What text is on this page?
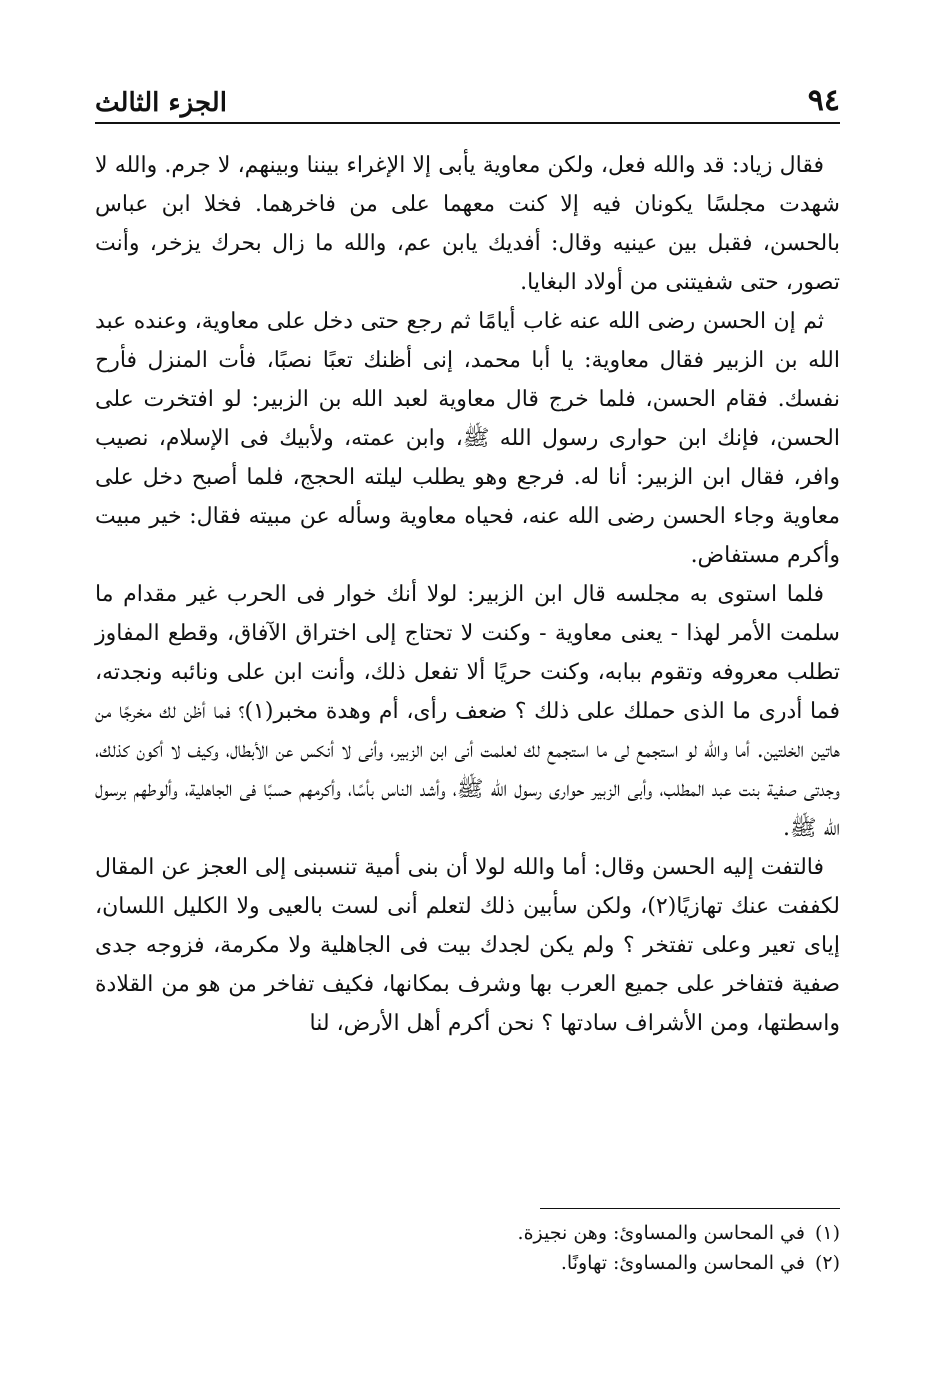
٩٤
الجزء الثالث

فقال زياد: قد والله فعل، ولكن معاوية يأبى إلا الإغراء بيننا وبينهم، لا جرم. والله لا شهدت مجلسًا يكونان فيه إلا كنت معهما على من فاخرهما. فخلا ابن عباس بالحسن، فقبل بين عينيه وقال: أفديك يابن عم، والله ما زال بحرك يزخر، وأنت تصور، حتى شفيتنى من أولاد البغايا.

ثم إن الحسن رضى الله عنه غاب أيامًا ثم رجع حتى دخل على معاوية، وعنده عبد الله بن الزبير فقال معاوية: يا أبا محمد، إنى أظنك تعبًا نصبًا، فأت المنزل فأرح نفسك. فقام الحسن، فلما خرج قال معاوية لعبد الله بن الزبير: لو افتخرت على الحسن، فإنك ابن حوارى رسول الله ﷺ، وابن عمته، ولأبيك فى الإسلام، نصيب وافر، فقال ابن الزبير: أنا له. فرجع وهو يطلب ليلته الحجج، فلما أصبح دخل على معاوية وجاء الحسن رضى الله عنه، فحياه معاوية وسأله عن مبيته فقال: خير مبيت وأكرم مستفاض.

فلما استوى به مجلسه قال ابن الزبير: لولا أنك خوار فى الحرب غير مقدام ما سلمت الأمر لهذا - يعنى معاوية - وكنت لا تحتاج إلى اختراق الآفاق، وقطع المفاوز تطلب معروفه وتقوم ببابه، وكنت حريًا ألا تفعل ذلك، وأنت ابن على ونائبه ونجدته، فما أدرى ما الذى حملك على ذلك ؟ ضعف رأى، أم وهدة مخبر(١)؟ فما أظن لك مخرجًا من هاتين الخلتين. أما والله لو استجمع لى ما استجمع لك لعلمت أنى ابن الزبير، وأنى لا أنكس عن الأبطال، وكيف لا أكون كذلك، وجدتى صفية بنت عبد المطلب، وأبى الزبير حوارى رسول الله ﷺ، وأشد الناس بأسًا، وأكرمهم حسبًا فى الجاهلية، وألوطهم برسول الله ﷺ.

فالتفت إليه الحسن وقال: أما والله لولا أن بنى أمية تنسبنى إلى العجز عن المقال لكففت عنك تهازيًا(٢)، ولكن سأبين ذلك لتعلم أنى لست بالعيى ولا الكليل اللسان، إياى تعير وعلى تفتخر ؟ ولم يكن لجدك بيت فى الجاهلية ولا مكرمة، فزوجه جدى صفية فتفاخر على جميع العرب بها وشرف بمكانها، فكيف تفاخر من هو من القلادة واسطتها، ومن الأشراف سادتها ؟ نحن أكرم أهل الأرض، لنا

(١)في المحاسن والمساوئ: وهن نجيزة.
(٢)في المحاسن والمساوئ: تهاونًا.
